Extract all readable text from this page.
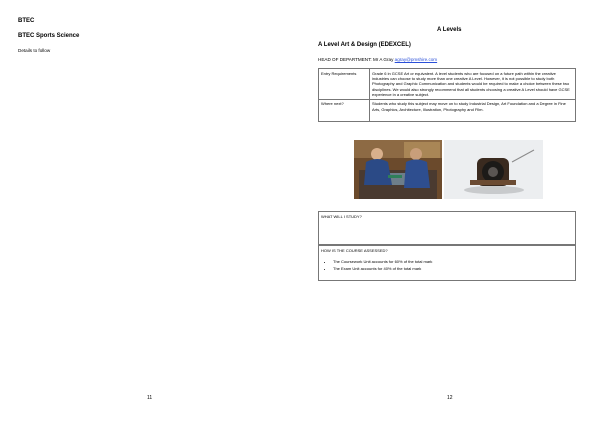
BTEC
BTEC Sports Science
Details to follow
11
A Levels
A Level Art & Design (EDEXCEL)
HEAD OF DEPARTMENT: Mr A Gray agray@pmshire.com
Entry Requirements	Grade 6 in GCSE Art or equivalent. A level students who are focused on a future path within the creative industries can choose to study more than one creative A Level. However, it is not possible to study both Photography and Graphic Communication and students would be required to make a choice between these two disciplines. We would also strongly recommend that all students choosing a creative A Level should have GCSE experience in a creative subject.
Where next?	Students who study this subject may move on to study Industrial Design, Art Foundation and a Degree in Fine Arts, Graphics, Architecture, Illustration, Photography and Film.
WHAT WILL I STUDY?
HOW IS THE COURSE ASSESSED?
• The Coursework Unit accounts for 60% of the total mark
• The Exam Unit accounts for 40% of the total mark
12
